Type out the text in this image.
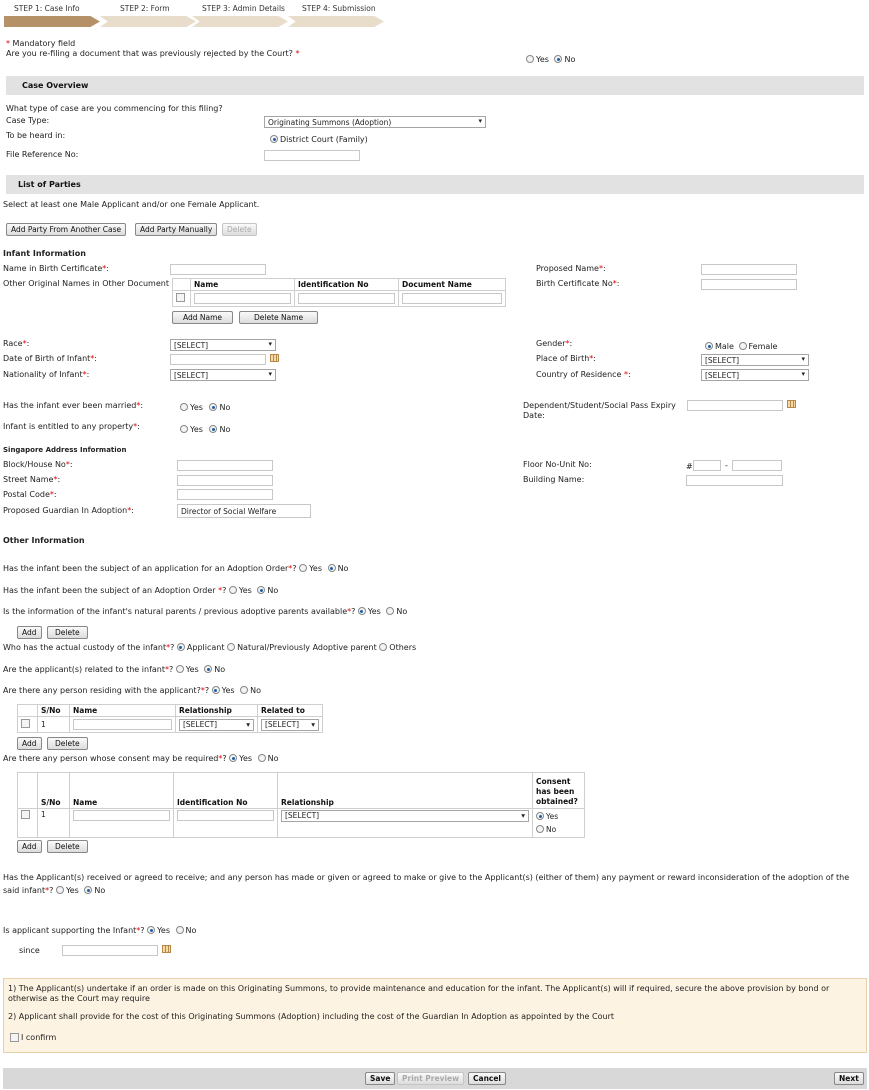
STEP 1: Case Info	STEP 2: Form	STEP 3: Admin Details STEP 4: Submission
* Mandatory field
Are you re-filing a document that was previously rejected by the Court? *
Yes No
Case Overview
What type of case are you commencing for this filing?
Case Type:	Originating Summons (Adoption)	▾
To be heard in:	District Court (Family)
File Reference No:
List of Parties
Select at least one Male Applicant and/or one Female Applicant.
Add Party From Another Case	Add Party Manually	Delete
Infant Information
Name in Birth Certificate*:
Other Original Names in Other Document
		Name	Identification No	Document Name

Add Name	Delete Name
Proposed Name*:
Birth Certificate No*:
Race*:	[SELECT]	▾
Date of Birth of Infant*:
Nationality of Infant*:	[SELECT]	▾
Gender*:	Male Female
Place of Birth*:	[SELECT]	▾
Country of Residence *:	[SELECT]	▾
Has the infant ever been married*:	Yes No
Infant is entitled to any property*:	Yes No
Dependent/Student/Social Pass Expiry
Date:
Singapore Address Information
Block/House No*:
Street Name*:
Postal Code*:
Proposed Guardian In Adoption*:	Director of Social Welfare
Floor No-Unit No:	#	-
Building Name:
Other Information
Has the infant been the subject of an application for an Adoption Order*? Yes No
Has the infant been the subject of an Adoption Order *? Yes No
Is the information of the infant's natural parents / previous adoptive parents available*? Yes No
Add	Delete
Who has the actual custody of the infant*? Applicant Natural/Previously Adoptive parent Others
Are the applicant(s) related to the infant*? Yes No
Are there any person residing with the applicant?*? Yes No
	S/No	Name	Relationship	Related to
	1		[SELECT] ▾	[SELECT] ▾
Add	Delete
Are there any person whose consent may be required*? Yes No
	S/No	Name	Identification No	Relationship	Consent
has been
obtained?
	1			[SELECT] ▾	Yes
No
Add	Delete
Has the Applicant(s) received or agreed to receive; and any person has made or given or agreed to make or give to the Applicant(s) (either of them) any payment or reward inconsideration of the adoption of the
said infant*? Yes No
Is applicant supporting the Infant*? Yes No
since
1) The Applicant(s) undertake if an order is made on this Originating Summons, to provide maintenance and education for the infant. The Applicant(s) will if required, secure the above provision by bond or
otherwise as the Court may require
2) Applicant shall provide for the cost of this Originating Summons (Adoption) including the cost of the Guardian In Adoption as appointed by the Court
I confirm
Save	Print Preview	Cancel	Next
